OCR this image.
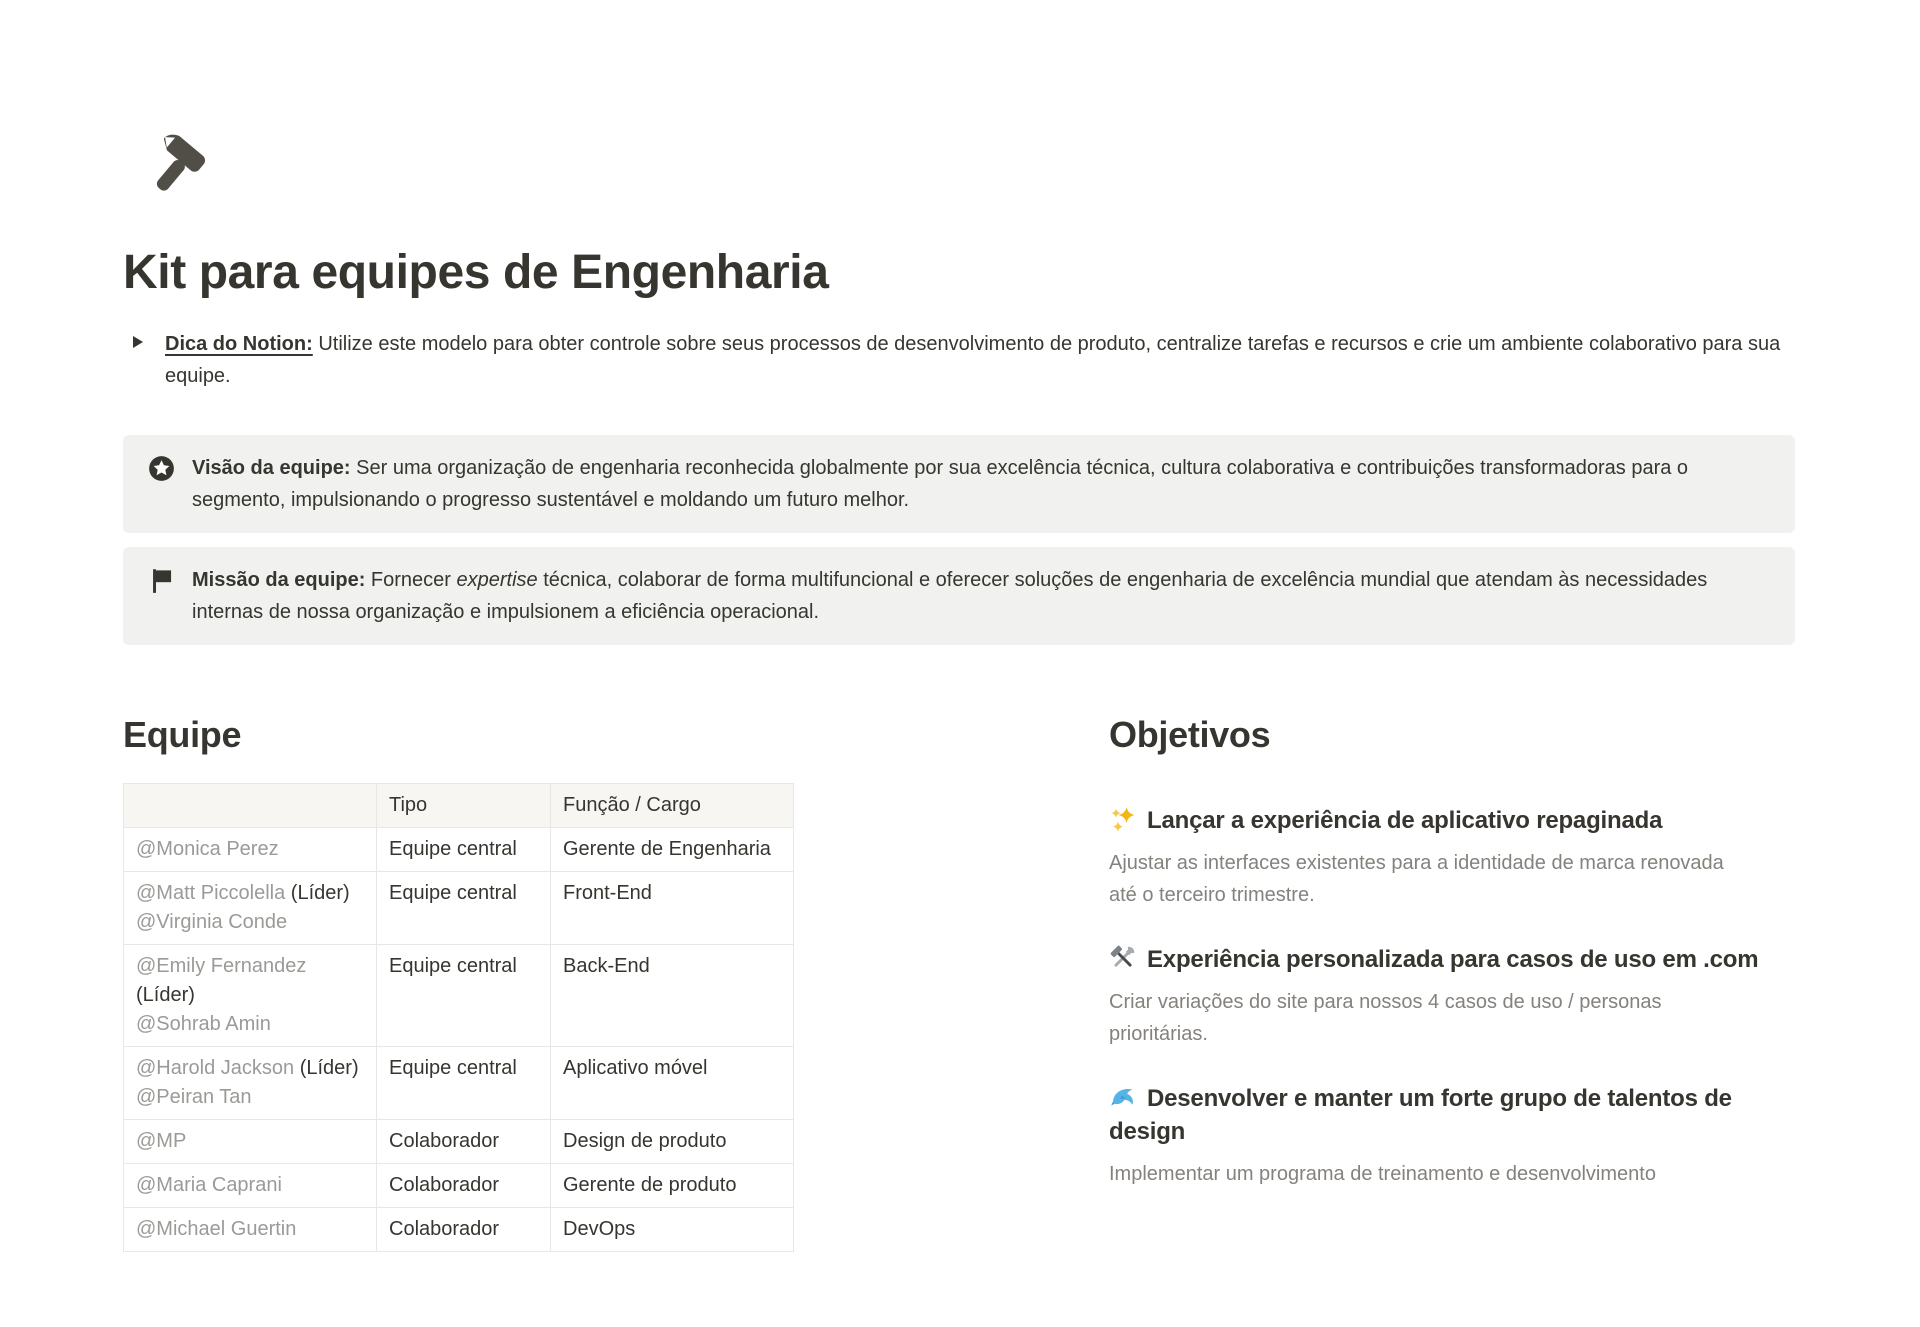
Kit para equipes de Engenharia
Dica do Notion: Utilize este modelo para obter controle sobre seus processos de desenvolvimento de produto, centralize tarefas e recursos e crie um ambiente colaborativo para sua equipe.
Visão da equipe: Ser uma organização de engenharia reconhecida globalmente por sua excelência técnica, cultura colaborativa e contribuições transformadoras para o segmento, impulsionando o progresso sustentável e moldando um futuro melhor.
Missão da equipe: Fornecer expertise técnica, colaborar de forma multifuncional e oferecer soluções de engenharia de excelência mundial que atendam às necessidades internas de nossa organização e impulsionem a eficiência operacional.
Equipe
	Tipo	Função / Cargo
@Monica Perez	Equipe central	Gerente de Engenharia

@Matt Piccolella (Líder)
@Virginia Conde	Equipe central	Front-End

@Emily Fernandez (Líder)
@Sohrab Amin	Equipe central	Back-End

@Harold Jackson (Líder)
@Peiran Tan	Equipe central	Aplicativo móvel
@MP	Colaborador	Design de produto
@Maria Caprani	Colaborador	Gerente de produto
@Michael Guertin	Colaborador	DevOps
Objetivos
Lançar a experiência de aplicativo repaginada

Ajustar as interfaces existentes para a identidade de marca renovada até o terceiro trimestre.

Experiência personalizada para casos de uso em .com

Criar variações do site para nossos 4 casos de uso / personas prioritárias.

Desenvolver e manter um forte grupo de talentos de design

Implementar um programa de treinamento e desenvolvimento
